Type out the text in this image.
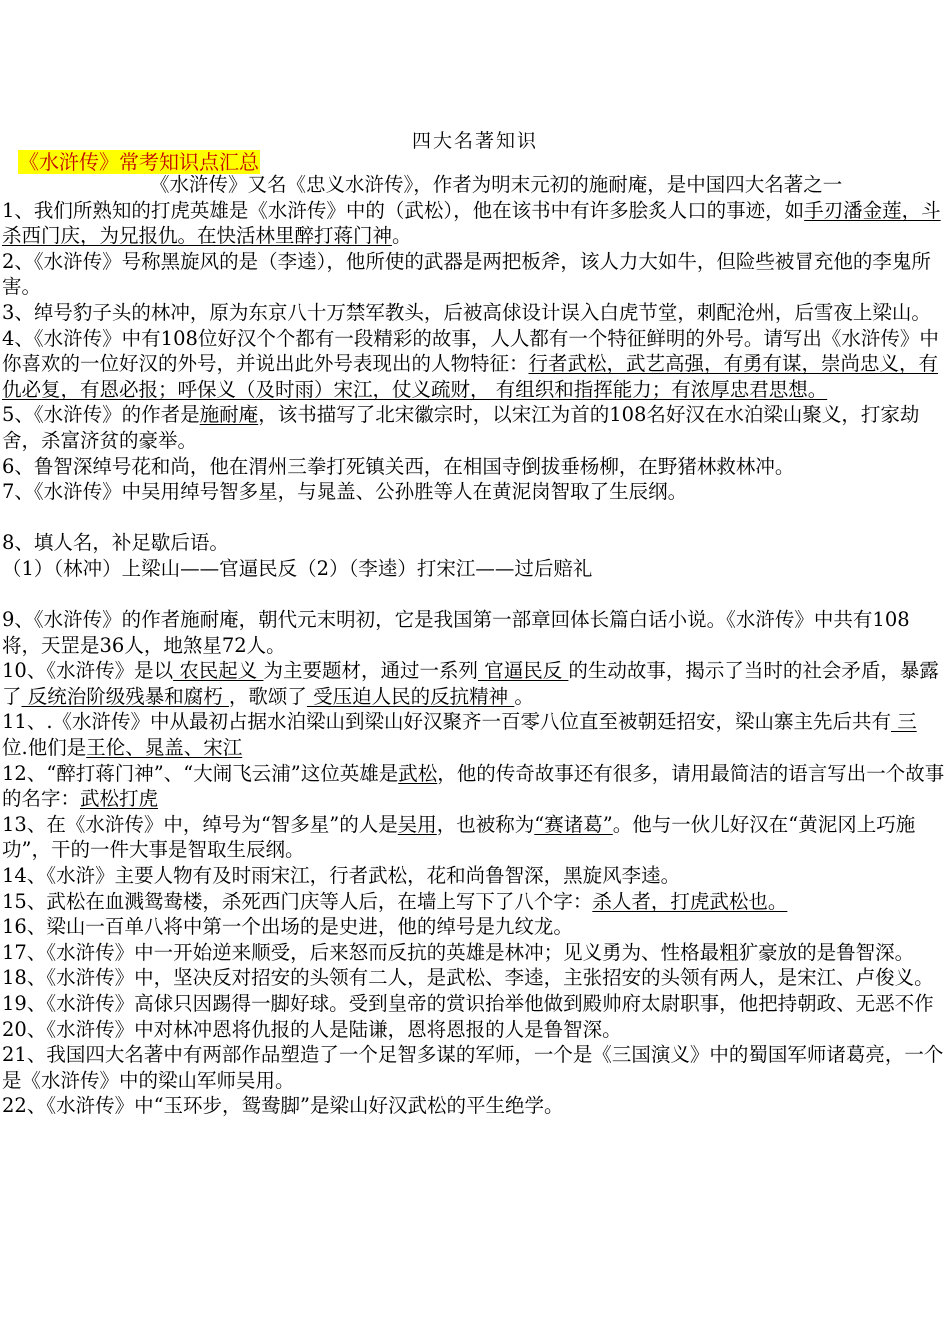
四大名著知识
《水浒传》常考知识点汇总

《水浒传》又名《忠义水浒传》，作者为明末元初的施耐庵，是中国四大名著之一

1、我们所熟知的打虎英雄是《水浒传》中的（武松），他在该书中有许多脍炙人口的事迹，如手刃潘金莲，斗杀西门庆，为兄报仇。在快活林里醉打蒋门神。

2、《水浒传》号称黑旋风的是（李逵），他所使的武器是两把板斧，该人力大如牛，但险些被冒充他的李鬼所害。

3、绰号豹子头的林冲，原为东京八十万禁军教头，后被高俅设计误入白虎节堂，刺配沧州，后雪夜上梁山。

4、《水浒传》中有108位好汉个个都有一段精彩的故事，人人都有一个特征鲜明的外号。请写出《水浒传》中你喜欢的一位好汉的外号，并说出此外号表现出的人物特征：行者武松，武艺高强，有勇有谋，崇尚忠义，有仇必复，有恩必报；呼保义（及时雨）宋江，仗义疏财， 有组织和指挥能力；有浓厚忠君思想。

5、《水浒传》的作者是施耐庵，该书描写了北宋徽宗时，以宋江为首的108名好汉在水泊梁山聚义，打家劫舍，杀富济贫的豪举。

6、鲁智深绰号花和尚，他在渭州三拳打死镇关西，在相国寺倒拔垂杨柳，在野猪林救林冲。

7、《水浒传》中吴用绰号智多星，与晁盖、公孙胜等人在黄泥岗智取了生辰纲。

8、填人名，补足歇后语。

（1）（林冲）上梁山——官逼民反（2）（李逵）打宋江——过后赔礼

9、《水浒传》的作者施耐庵，朝代元末明初，它是我国第一部章回体长篇白话小说。《水浒传》中共有108将，天罡是36人，地煞星72人。

10、《水浒传》是以 农民起义 为主要题材，通过一系列 官逼民反 的生动故事，揭示了当时的社会矛盾，暴露了 反统治阶级残暴和腐朽 ，歌颂了 受压迫人民的反抗精神 。

11、.《水浒传》中从最初占据水泊梁山到梁山好汉聚齐一百零八位直至被朝廷招安，梁山寨主先后共有 三 位.他们是王伦、晁盖、宋江

12、“醉打蒋门神”、“大闹飞云浦”这位英雄是武松，他的传奇故事还有很多，请用最简洁的语言写出一个故事的名字：武松打虎

13、在《水浒传》中，绰号为“智多星”的人是吴用，也被称为“赛诸葛”。他与一伙儿好汉在“黄泥冈上巧施功”，干的一件大事是智取生辰纲。

14、《水浒》主要人物有及时雨宋江，行者武松，花和尚鲁智深，黑旋风李逵。

15、武松在血溅鸳鸯楼，杀死西门庆等人后，在墙上写下了八个字：杀人者，打虎武松也。

16、梁山一百单八将中第一个出场的是史进，他的绰号是九纹龙。

17、《水浒传》中一开始逆来顺受，后来怒而反抗的英雄是林冲；见义勇为、性格最粗犷豪放的是鲁智深。

18、《水浒传》中，坚决反对招安的头领有二人，是武松、李逵，主张招安的头领有两人，是宋江、卢俊义。

19、《水浒传》高俅只因踢得一脚好球。受到皇帝的赏识抬举他做到殿帅府太尉职事，他把持朝政、无恶不作

20、《水浒传》中对林冲恩将仇报的人是陆谦，恩将恩报的人是鲁智深。

21、我国四大名著中有两部作品塑造了一个足智多谋的军师，一个是《三国演义》中的蜀国军师诸葛亮，一个是《水浒传》中的梁山军师吴用。

22、《水浒传》中“玉环步，鸳鸯脚”是梁山好汉武松的平生绝学。
